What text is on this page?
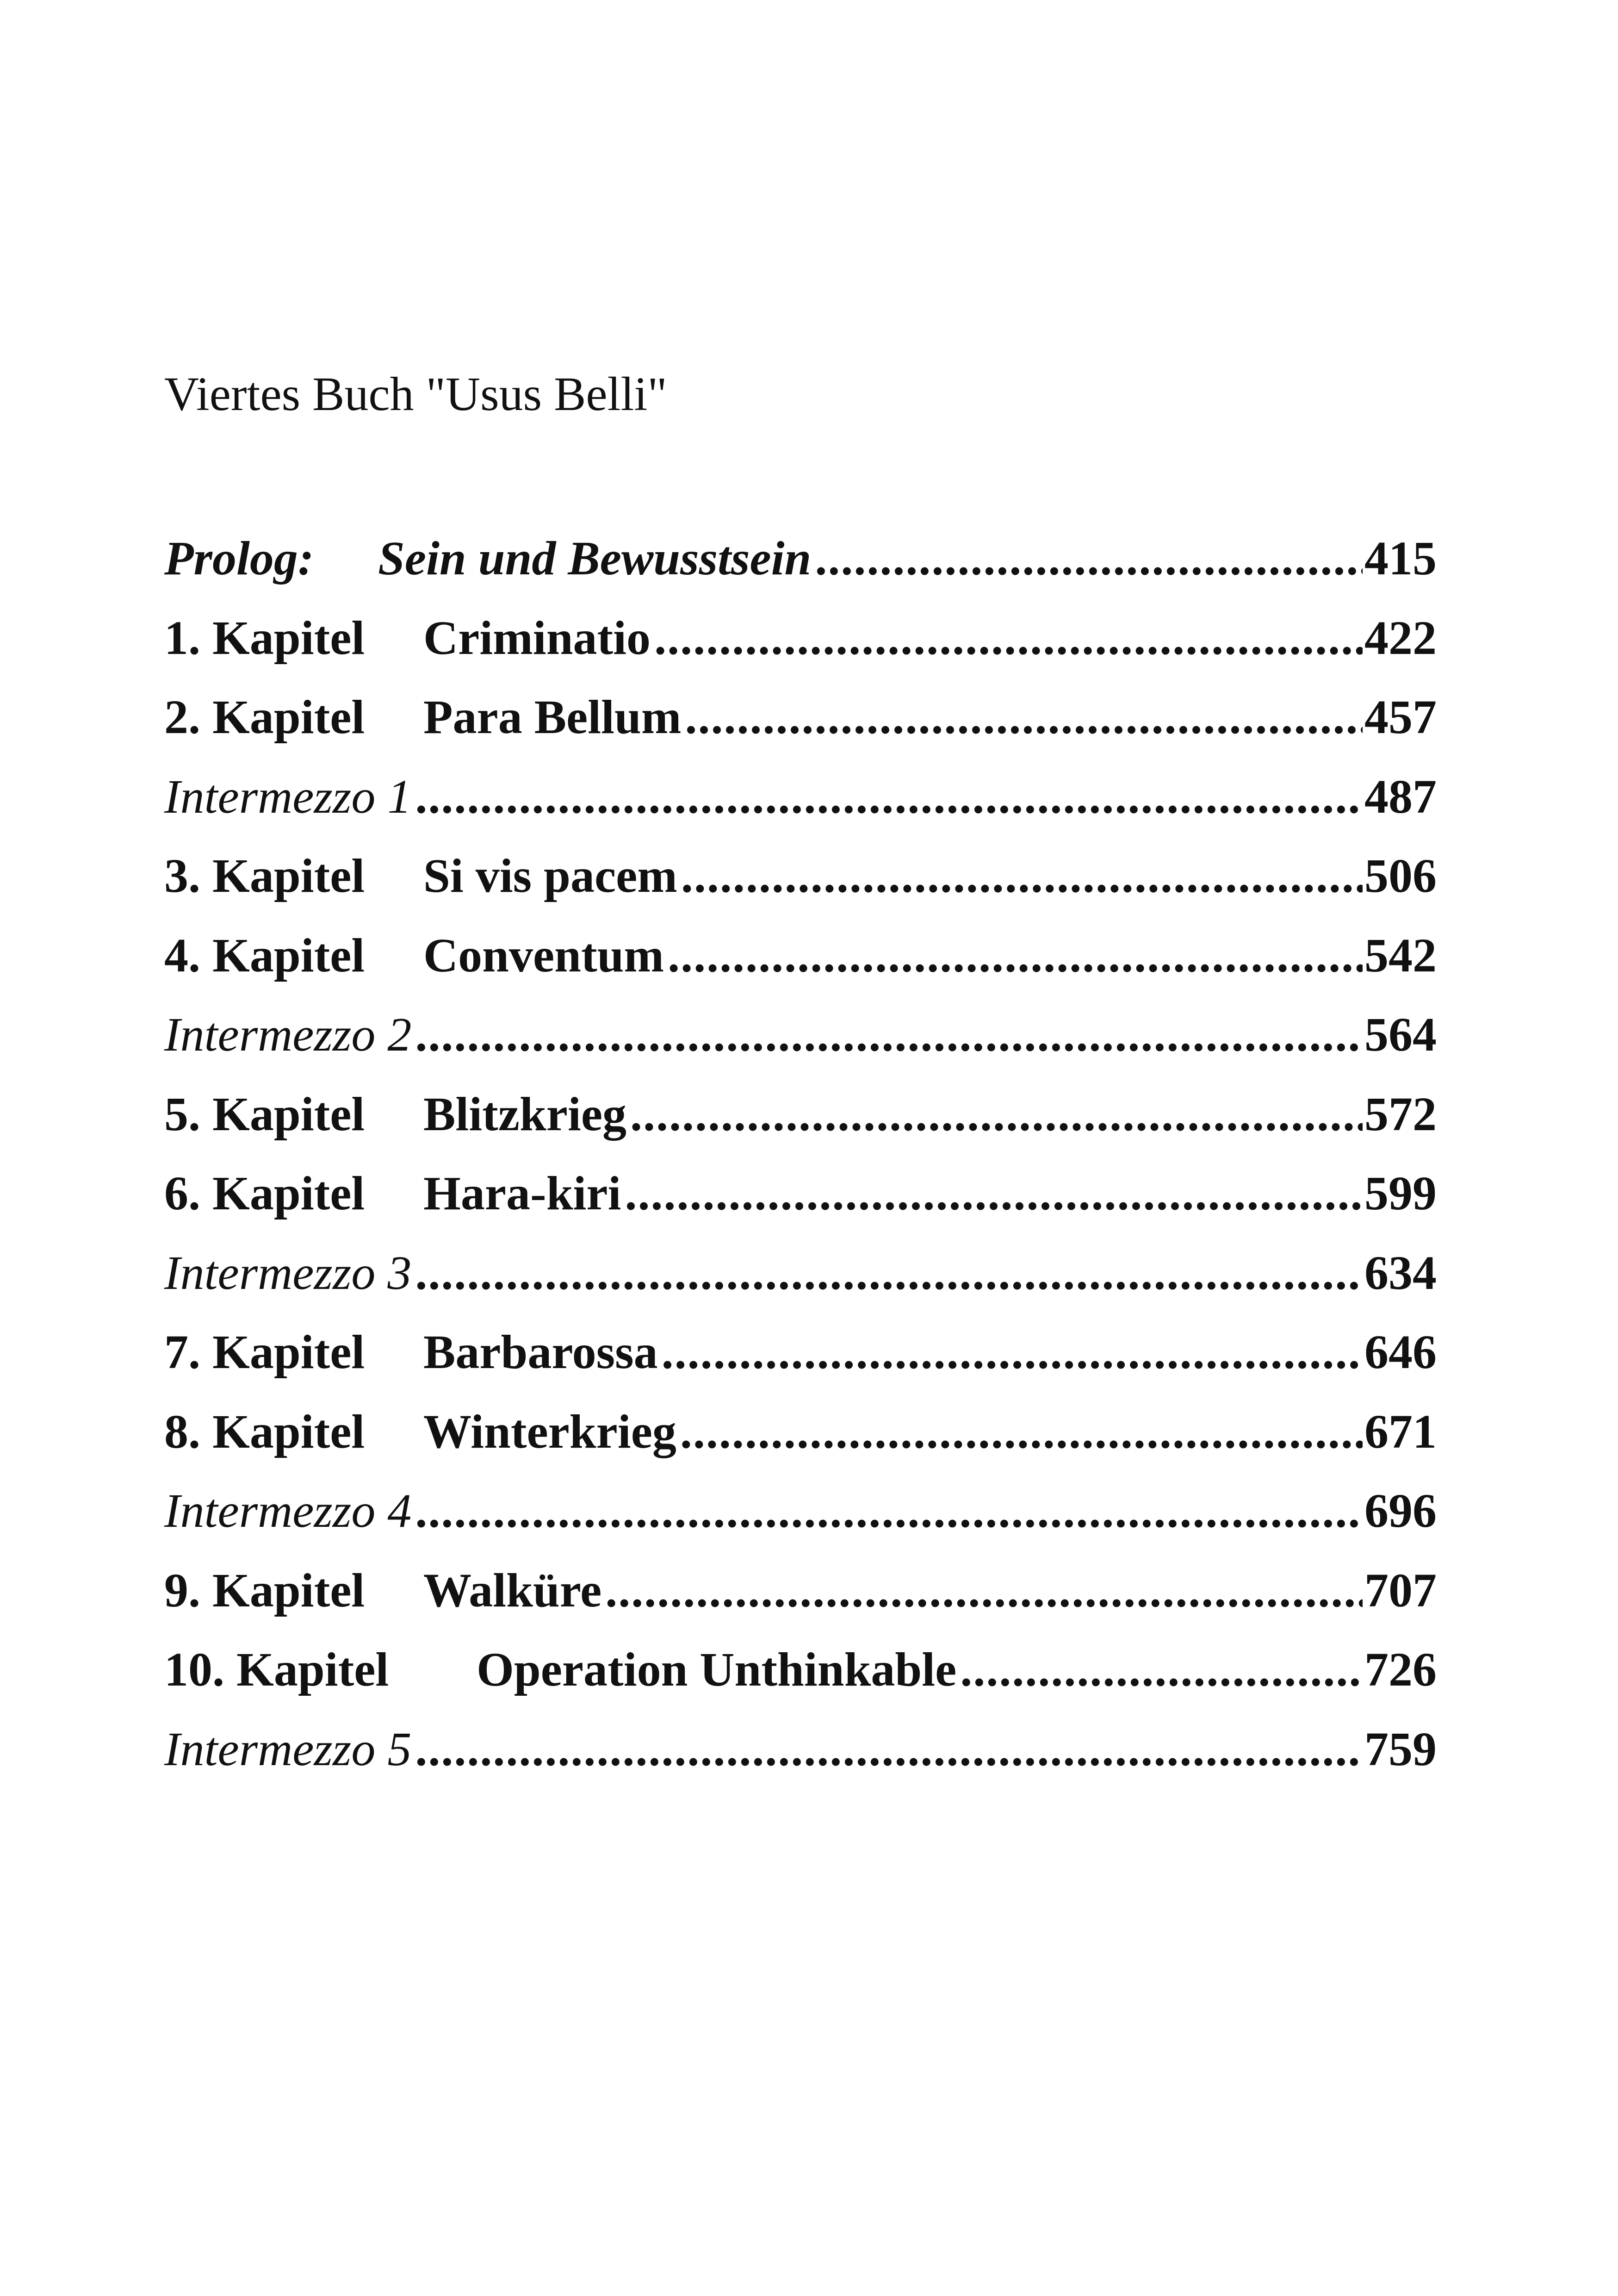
Viertes Buch "Usus Belli"
Prolog:	Sein und Bewusstsein .....	415
1. Kapitel	Criminatio .....	422
2. Kapitel	Para Bellum .....	457
Intermezzo 1 .....	487
3. Kapitel	Si vis pacem .....	506
4. Kapitel	Conventum .....	542
Intermezzo 2 .....	564
5. Kapitel	Blitzkrieg .....	572
6. Kapitel	Hara-kiri .....	599
Intermezzo 3 .....	634
7. Kapitel	Barbarossa .....	646
8. Kapitel	Winterkrieg .....	671
Intermezzo 4 .....	696
9. Kapitel	Walküre .....	707
10. Kapitel	Operation Unthinkable .....	726
Intermezzo 5 .....	759
